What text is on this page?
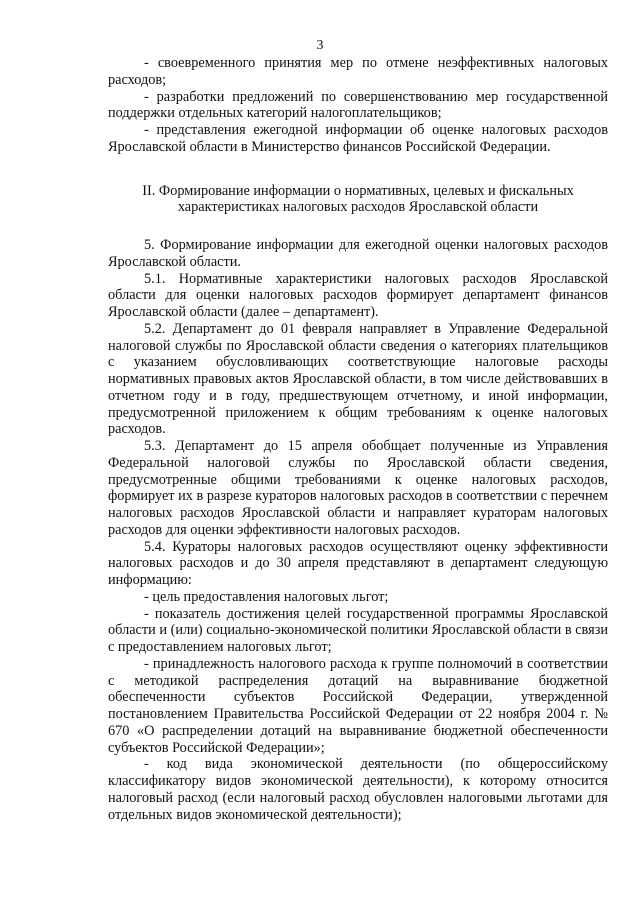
3

- своевременного принятия мер по отмене неэффективных налоговых расходов;

- разработки предложений по совершенствованию мер государственной поддержки отдельных категорий налогоплательщиков;

- представления ежегодной информации об оценке налоговых расходов Ярославской области в Министерство финансов Российской Федерации.

II. Формирование информации о нормативных, целевых и фискальных
характеристиках налоговых расходов Ярославской области

5. Формирование информации для ежегодной оценки налоговых расходов Ярославской области.

5.1. Нормативные характеристики налоговых расходов Ярославской области для оценки налоговых расходов формирует департамент финансов Ярославской области (далее – департамент).

5.2. Департамент до 01 февраля направляет в Управление Федеральной налоговой службы по Ярославской области сведения о категориях плательщиков с указанием обусловливающих соответствующие налоговые расходы нормативных правовых актов Ярославской области, в том числе действовавших в отчетном году и в году, предшествующем отчетному, и иной информации, предусмотренной приложением к общим требованиям к оценке налоговых расходов.

5.3. Департамент до 15 апреля обобщает полученные из Управления Федеральной налоговой службы по Ярославской области сведения, предусмотренные общими требованиями к оценке налоговых расходов, формирует их в разрезе кураторов налоговых расходов в соответствии с перечнем налоговых расходов Ярославской области и направляет кураторам налоговых расходов для оценки эффективности налоговых расходов.

5.4. Кураторы налоговых расходов осуществляют оценку эффективности налоговых расходов и до 30 апреля представляют в департамент следующую информацию:

- цель предоставления налоговых льгот;

- показатель достижения целей государственной программы Ярославской области и (или) социально-экономической политики Ярославской области в связи с предоставлением налоговых льгот;

- принадлежность налогового расхода к группе полномочий в соответствии с методикой распределения дотаций на выравнивание бюджетной обеспеченности субъектов Российской Федерации, утвержденной постановлением Правительства Российской Федерации от 22 ноября 2004 г. № 670 «О распределении дотаций на выравнивание бюджетной обеспеченности субъектов Российской Федерации»;

- код вида экономической деятельности (по общероссийскому классификатору видов экономической деятельности), к которому относится налоговый расход (если налоговый расход обусловлен налоговыми льготами для отдельных видов экономической деятельности);
